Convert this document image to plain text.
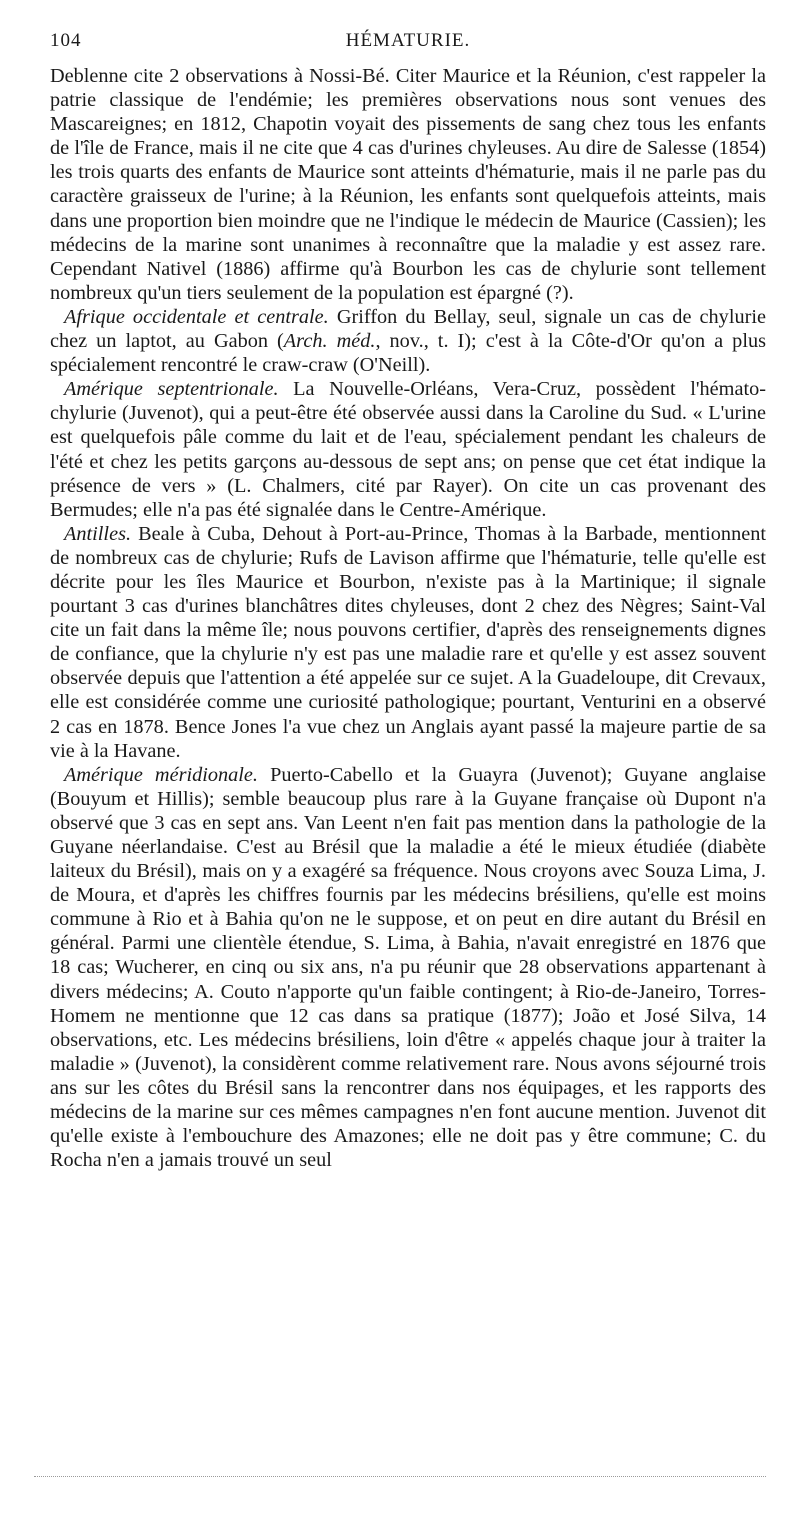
104	HÉMATURIE.

Deblenne cite 2 observations à Nossi-Bé. Citer Maurice et la Réunion, c'est rappeler la patrie classique de l'endémie; les premières observations nous sont venues des Mascareignes; en 1812, Chapotin voyait des pissements de sang chez tous les enfants de l'île de France, mais il ne cite que 4 cas d'urines chyleuses. Au dire de Salesse (1854) les trois quarts des enfants de Maurice sont atteints d'hématurie, mais il ne parle pas du caractère graisseux de l'urine; à la Réunion, les enfants sont quelquefois atteints, mais dans une proportion bien moindre que ne l'indique le médecin de Maurice (Cassien); les médecins de la marine sont unanimes à reconnaître que la maladie y est assez rare. Cependant Nativel (1886) affirme qu'à Bourbon les cas de chylurie sont tellement nombreux qu'un tiers seulement de la population est épargné (?).

Afrique occidentale et centrale. Griffon du Bellay, seul, signale un cas de chylurie chez un laptot, au Gabon (Arch. méd., nov., t. I); c'est à la Côte-d'Or qu'on a plus spécialement rencontré le craw-craw (O'Neill).

Amérique septentrionale. La Nouvelle-Orléans, Vera-Cruz, possèdent l'hémato-chylurie (Juvenot), qui a peut-être été observée aussi dans la Caroline du Sud. « L'urine est quelquefois pâle comme du lait et de l'eau, spécialement pendant les chaleurs de l'été et chez les petits garçons au-dessous de sept ans; on pense que cet état indique la présence de vers » (L. Chalmers, cité par Rayer). On cite un cas provenant des Bermudes; elle n'a pas été signalée dans le Centre-Amérique.

Antilles. Beale à Cuba, Dehout à Port-au-Prince, Thomas à la Barbade, mentionnent de nombreux cas de chylurie; Rufs de Lavison affirme que l'hématurie, telle qu'elle est décrite pour les îles Maurice et Bourbon, n'existe pas à la Martinique; il signale pourtant 3 cas d'urines blanchâtres dites chyleuses, dont 2 chez des Nègres; Saint-Val cite un fait dans la même île; nous pouvons certifier, d'après des renseignements dignes de confiance, que la chylurie n'y est pas une maladie rare et qu'elle y est assez souvent observée depuis que l'attention a été appelée sur ce sujet. A la Guadeloupe, dit Crevaux, elle est considérée comme une curiosité pathologique; pourtant, Venturini en a observé 2 cas en 1878. Bence Jones l'a vue chez un Anglais ayant passé la majeure partie de sa vie à la Havane.

Amérique méridionale. Puerto-Cabello et la Guayra (Juvenot); Guyane anglaise (Bouyum et Hillis); semble beaucoup plus rare à la Guyane française où Dupont n'a observé que 3 cas en sept ans. Van Leent n'en fait pas mention dans la pathologie de la Guyane néerlandaise. C'est au Brésil que la maladie a été le mieux étudiée (diabète laiteux du Brésil), mais on y a exagéré sa fréquence. Nous croyons avec Souza Lima, J. de Moura, et d'après les chiffres fournis par les médecins brésiliens, qu'elle est moins commune à Rio et à Bahia qu'on ne le suppose, et on peut en dire autant du Brésil en général. Parmi une clientèle étendue, S. Lima, à Bahia, n'avait enregistré en 1876 que 18 cas; Wucherer, en cinq ou six ans, n'a pu réunir que 28 observations appartenant à divers médecins; A. Couto n'apporte qu'un faible contingent; à Rio-de-Janeiro, Torres-Homem ne mentionne que 12 cas dans sa pratique (1877); João et José Silva, 14 observations, etc. Les médecins brésiliens, loin d'être « appelés chaque jour à traiter la maladie » (Juvenot), la considèrent comme relativement rare. Nous avons séjourné trois ans sur les côtes du Brésil sans la rencontrer dans nos équipages, et les rapports des médecins de la marine sur ces mêmes campagnes n'en font aucune mention. Juvenot dit qu'elle existe à l'embouchure des Amazones; elle ne doit pas y être commune; C. du Rocha n'en a jamais trouvé un seul
